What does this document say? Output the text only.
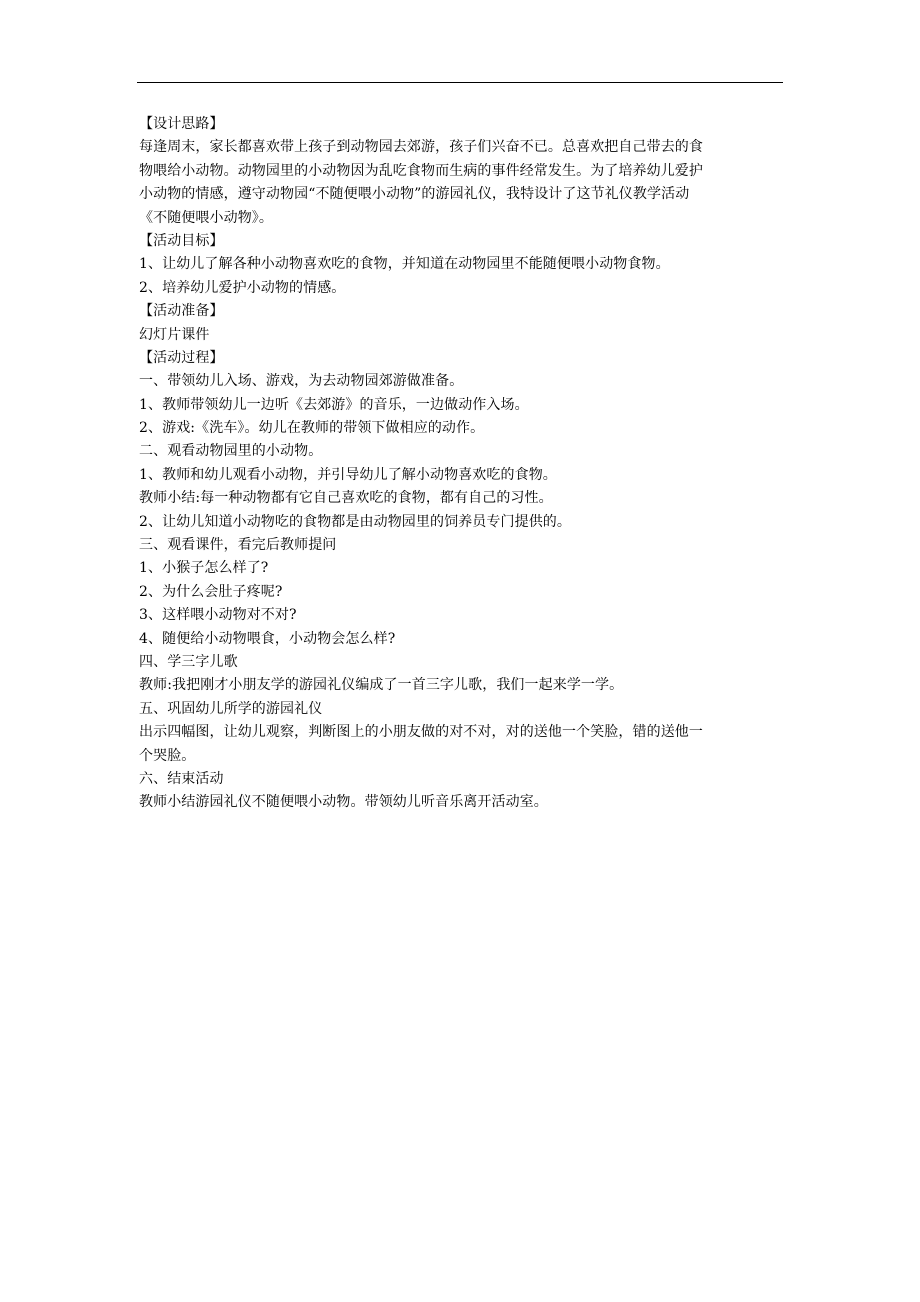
【设计思路】
每逢周末，家长都喜欢带上孩子到动物园去郊游，孩子们兴奋不已。总喜欢把自己带去的食
物喂给小动物。动物园里的小动物因为乱吃食物而生病的事件经常发生。为了培养幼儿爱护
小动物的情感，遵守动物园“不随便喂小动物”的游园礼仪，我特设计了这节礼仪教学活动
《不随便喂小动物》。
【活动目标】
1、让幼儿了解各种小动物喜欢吃的食物，并知道在动物园里不能随便喂小动物食物。
2、培养幼儿爱护小动物的情感。
【活动准备】
幻灯片课件
【活动过程】
一、带领幼儿入场、游戏，为去动物园郊游做准备。
1、教师带领幼儿一边听《去郊游》的音乐，一边做动作入场。
2、游戏:《洗车》。幼儿在教师的带领下做相应的动作。
二、观看动物园里的小动物。
1、教师和幼儿观看小动物，并引导幼儿了解小动物喜欢吃的食物。
教师小结:每一种动物都有它自己喜欢吃的食物，都有自己的习性。
2、让幼儿知道小动物吃的食物都是由动物园里的饲养员专门提供的。
三、观看课件，看完后教师提问
1、小猴子怎么样了?
2、为什么会肚子疼呢?
3、这样喂小动物对不对?
4、随便给小动物喂食，小动物会怎么样?
四、学三字儿歌
教师:我把刚才小朋友学的游园礼仪编成了一首三字儿歌，我们一起来学一学。
五、巩固幼儿所学的游园礼仪
出示四幅图，让幼儿观察，判断图上的小朋友做的对不对，对的送他一个笑脸，错的送他一
个哭脸。
六、结束活动
教师小结游园礼仪不随便喂小动物。带领幼儿听音乐离开活动室。
